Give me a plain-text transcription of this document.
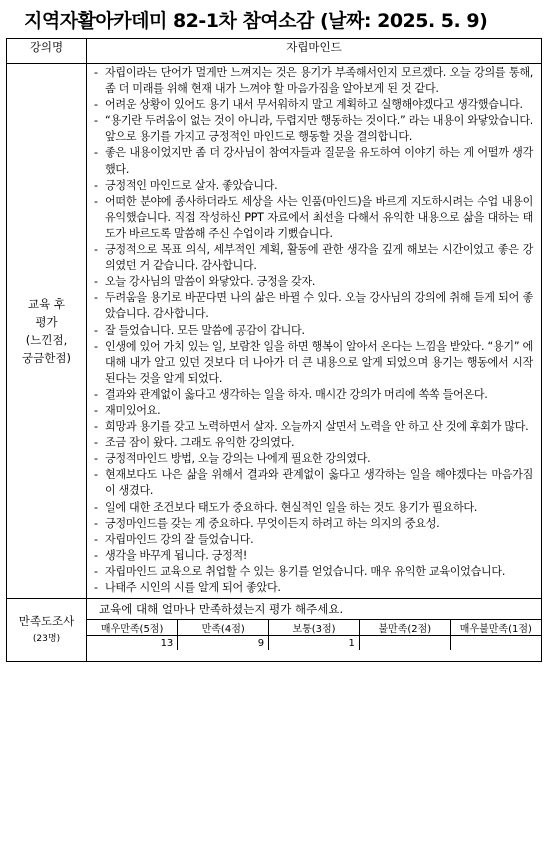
지역자활아카데미 82-1차 참여소감 (날짜: 2025. 5. 9)
강의명	자립마인드

교육 후
평가
(느낀점,
궁금한점)

- 자립이라는 단어가 멀게만 느껴지는 것은 용기가 부족해서인지 모르겠다. 오늘 강의를 통해, 좀 더 미래를 위해 현재 내가 느껴야 할 마음가짐을 알아보게 된 것 같다.
- 어려운 상황이 있어도 용기 내서 무서워하지 말고 계획하고 실행해야겠다고 생각했습니다.
- “용기란 두려움이 없는 것이 아니라, 두렵지만 행동하는 것이다.” 라는 내용이 와닿았습니다. 앞으로 용기를 가지고 긍정적인 마인드로 행동할 것을 결의합니다.
- 좋은 내용이었지만 좀 더 강사님이 참여자들과 질문을 유도하여 이야기 하는 게 어떨까 생각했다.
- 긍정적인 마인드로 살자. 좋았습니다.
- 어떠한 분야에 종사하더라도 세상을 사는 인품(마인드)을 바르게 지도하시려는 수업 내용이 유익했습니다. 직접 작성하신 PPT 자료에서 최선을 다해서 유익한 내용으로 삶을 대하는 태도가 바르도록 말씀해 주신 수업이라 기뻤습니다.
- 긍정적으로 목표 의식, 세부적인 계획, 활동에 관한 생각을 깊게 해보는 시간이었고 좋은 강의였던 거 같습니다. 감사합니다.
- 오늘 강사님의 말씀이 와닿았다. 긍정을 갖자.
- 두려움을 용기로 바꾼다면 나의 삶은 바뀔 수 있다. 오늘 강사님의 강의에 취해 듣게 되어 좋았습니다. 감사합니다.
- 잘 들었습니다. 모든 말씀에 공감이 갑니다.
- 인생에 있어 가치 있는 일, 보람찬 일을 하면 행복이 알아서 온다는 느낌을 받았다. “용기” 에 대해 내가 알고 있던 것보다 더 나아가 더 큰 내용으로 알게 되었으며 용기는 행동에서 시작된다는 것을 알게 되었다.
- 결과와 관계없이 옳다고 생각하는 일을 하자. 매시간 강의가 머리에 쏙쏙 들어온다.
- 재미있어요.
- 희망과 용기를 갖고 노력하면서 살자. 오늘까지 살면서 노력을 안 하고 산 것에 후회가 많다.
- 조금 잠이 왔다. 그래도 유익한 강의였다.
- 긍정적마인드 방법, 오늘 강의는 나에게 필요한 강의였다.
- 현재보다도 나은 삶을 위해서 결과와 관계없이 옳다고 생각하는 일을 해야겠다는 마음가짐이 생겼다.
- 일에 대한 조건보다 태도가 중요하다. 현실적인 일을 하는 것도 용기가 필요하다.
- 긍정마인드를 갖는 게 중요하다. 무엇이든지 하려고 하는 의지의 중요성.
- 자립마인드 강의 잘 들었습니다.
- 생각을 바꾸게 됩니다. 긍정적!
- 자립마인드 교육으로 취업할 수 있는 용기를 얻었습니다. 매우 유익한 교육이었습니다.
- 나태주 시인의 시를 알게 되어 좋았다.

만족도조사
(23명)

교육에 대해 얼마나 만족하셨는지 평가 해주세요.
매우만족(5점)	만족(4점)	보통(3점)	불만족(2점)	매우불만족(1점)
13	9	1		
